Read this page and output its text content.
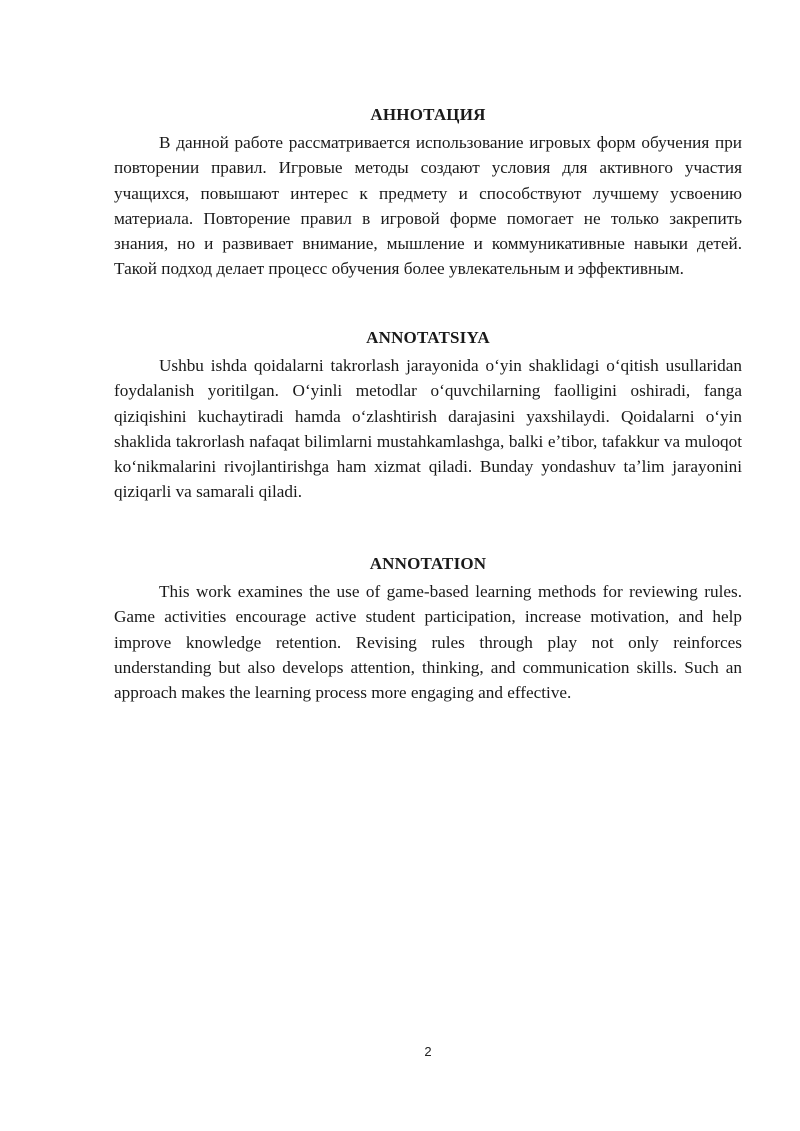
АННОТАЦИЯ

В данной работе рассматривается использование игровых форм обучения при повторении правил. Игровые методы создают условия для активного участия учащихся, повышают интерес к предмету и способствуют лучшему усвоению материала. Повторение правил в игровой форме помогает не только закрепить знания, но и развивает внимание, мышление и коммуникативные навыки детей. Такой подход делает процесс обучения более увлекательным и эффективным.

ANNOTATSIYA

Ushbu ishda qoidalarni takrorlash jarayonida oʻyin shaklidagi oʻqitish usullaridan foydalanish yoritilgan. Oʻyinli metodlar oʻquvchilarning faolligini oshiradi, fanga qiziqishini kuchaytiradi hamda oʻzlashtirish darajasini yaxshilaydi. Qoidalarni oʻyin shaklida takrorlash nafaqat bilimlarni mustahkamlashga, balki eʼtibor, tafakkur va muloqot koʻnikmalarini rivojlantirishga ham xizmat qiladi. Bunday yondashuv taʼlim jarayonini qiziqarli va samarali qiladi.

ANNOTATION

This work examines the use of game-based learning methods for reviewing rules. Game activities encourage active student participation, increase motivation, and help improve knowledge retention. Revising rules through play not only reinforces understanding but also develops attention, thinking, and communication skills. Such an approach makes the learning process more engaging and effective.

2
